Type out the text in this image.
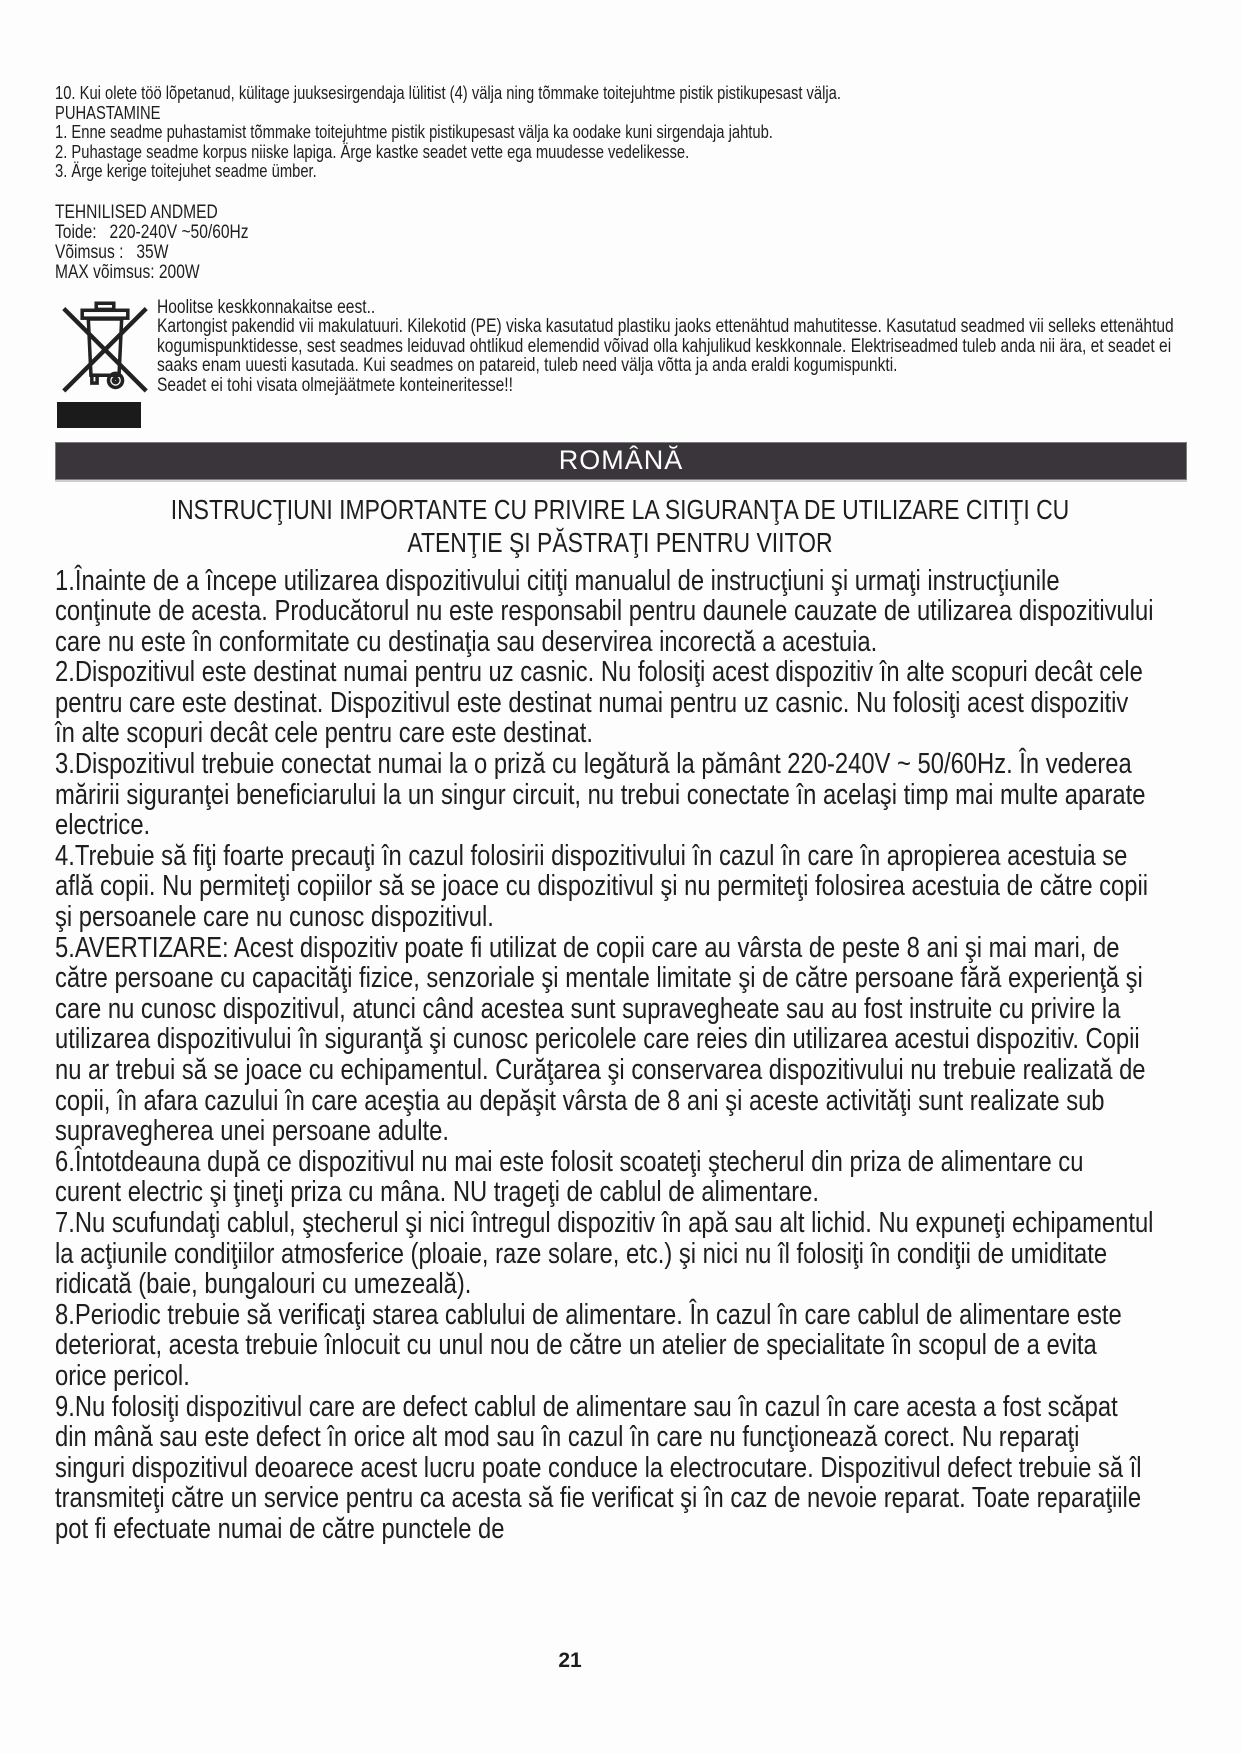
10. Kui olete töö lõpetanud, külitage juuksesirgendaja lülitist (4) välja ning tõmmake toitejuhtme pistik pistikupesast välja.
PUHASTAMINE
1. Enne seadme puhastamist tõmmake toitejuhtme pistik pistikupesast välja ka oodake kuni sirgendaja jahtub.
2. Puhastage seadme korpus niiske lapiga. Ärge kastke seadet vette ega muudesse vedelikesse.
3. Ärge kerige toitejuhet seadme ümber.
TEHNILISED ANDMED
Toide:   220-240V ~50/60Hz
Võimsus :   35W
MAX võimsus: 200W
Hoolitse keskkonnakaitse eest..
Kartongist pakendid vii makulatuuri. Kilekotid (PE) viska kasutatud plastiku jaoks ettenähtud mahutitesse. Kasutatud seadmed vii selleks ettenähtud kogumispunktidesse, sest seadmes leiduvad ohtlikud elemendid võivad olla kahjulikud keskkonnale. Elektriseadmed tuleb anda nii ära, et seadet ei saaks enam uuesti kasutada. Kui seadmes on patareid, tuleb need välja võtta ja anda eraldi kogumispunkti.
Seadet ei tohi visata olmejäätmete konteineritesse!!
ROMÂNĂ
INSTRUCŢIUNI IMPORTANTE CU PRIVIRE LA SIGURANŢA DE UTILIZARE CITIŢI CU
ATENŢIE ŞI PĂSTRAŢI PENTRU VIITOR

1.Înainte de a începe utilizarea dispozitivului citiţi manualul de instrucţiuni şi urmaţi instrucţiunile conţinute de acesta. Producătorul nu este responsabil pentru daunele cauzate de utilizarea dispozitivului care nu este în conformitate cu destinaţia sau deservirea incorectă a acestuia.

2.Dispozitivul este destinat numai pentru uz casnic. Nu folosiţi acest dispozitiv în alte scopuri decât cele pentru care este destinat. Dispozitivul este destinat numai pentru uz casnic. Nu folosiţi acest dispozitiv în alte scopuri decât cele pentru care este destinat.

3.Dispozitivul trebuie conectat numai la o priză cu legătură la pământ 220-240V ~ 50/60Hz. În vederea măririi siguranţei beneficiarului la un singur circuit, nu trebui conectate în acelaşi timp mai multe aparate electrice.

4.Trebuie să fiţi foarte precauţi în cazul folosirii dispozitivului în cazul în care în apropierea acestuia se află copii. Nu permiteţi copiilor să se joace cu dispozitivul şi nu permiteţi folosirea acestuia de către copii şi persoanele care nu cunosc dispozitivul.

5.AVERTIZARE: Acest dispozitiv poate fi utilizat de copii care au vârsta de peste 8 ani şi mai mari, de către persoane cu capacităţi fizice, senzoriale şi mentale limitate şi de către persoane fără experienţă şi care nu cunosc dispozitivul, atunci când acestea sunt supravegheate sau au fost instruite cu privire la utilizarea dispozitivului în siguranţă şi cunosc pericolele care reies din utilizarea acestui dispozitiv. Copii nu ar trebui să se joace cu echipamentul. Curăţarea şi conservarea dispozitivului nu trebuie realizată de copii, în afara cazului în care aceştia au depăşit vârsta de 8 ani şi aceste activităţi sunt realizate sub supravegherea unei persoane adulte.

6.Întotdeauna după ce dispozitivul nu mai este folosit scoateţi ştecherul din priza de alimentare cu curent electric şi ţineţi priza cu mâna. NU trageţi de cablul de alimentare.

7.Nu scufundaţi cablul, ştecherul şi nici întregul dispozitiv în apă sau alt lichid. Nu expuneţi echipamentul la acţiunile condiţiilor atmosferice (ploaie, raze solare, etc.) şi nici nu îl folosiţi în condiţii de umiditate ridicată (baie, bungalouri cu umezeală).

8.Periodic trebuie să verificaţi starea cablului de alimentare. În cazul în care cablul de alimentare este deteriorat, acesta trebuie înlocuit cu unul nou de către un atelier de specialitate în scopul de a evita orice pericol.

9.Nu folosiţi dispozitivul care are defect cablul de alimentare sau în cazul în care acesta a fost scăpat din mână sau este defect în orice alt mod sau în cazul în care nu funcţionează corect. Nu reparaţi singuri dispozitivul deoarece acest lucru poate conduce la electrocutare. Dispozitivul defect trebuie să îl transmiteţi către un service pentru ca acesta să fie verificat şi în caz de nevoie reparat. Toate reparaţiile pot fi efectuate numai de către punctele de

21
